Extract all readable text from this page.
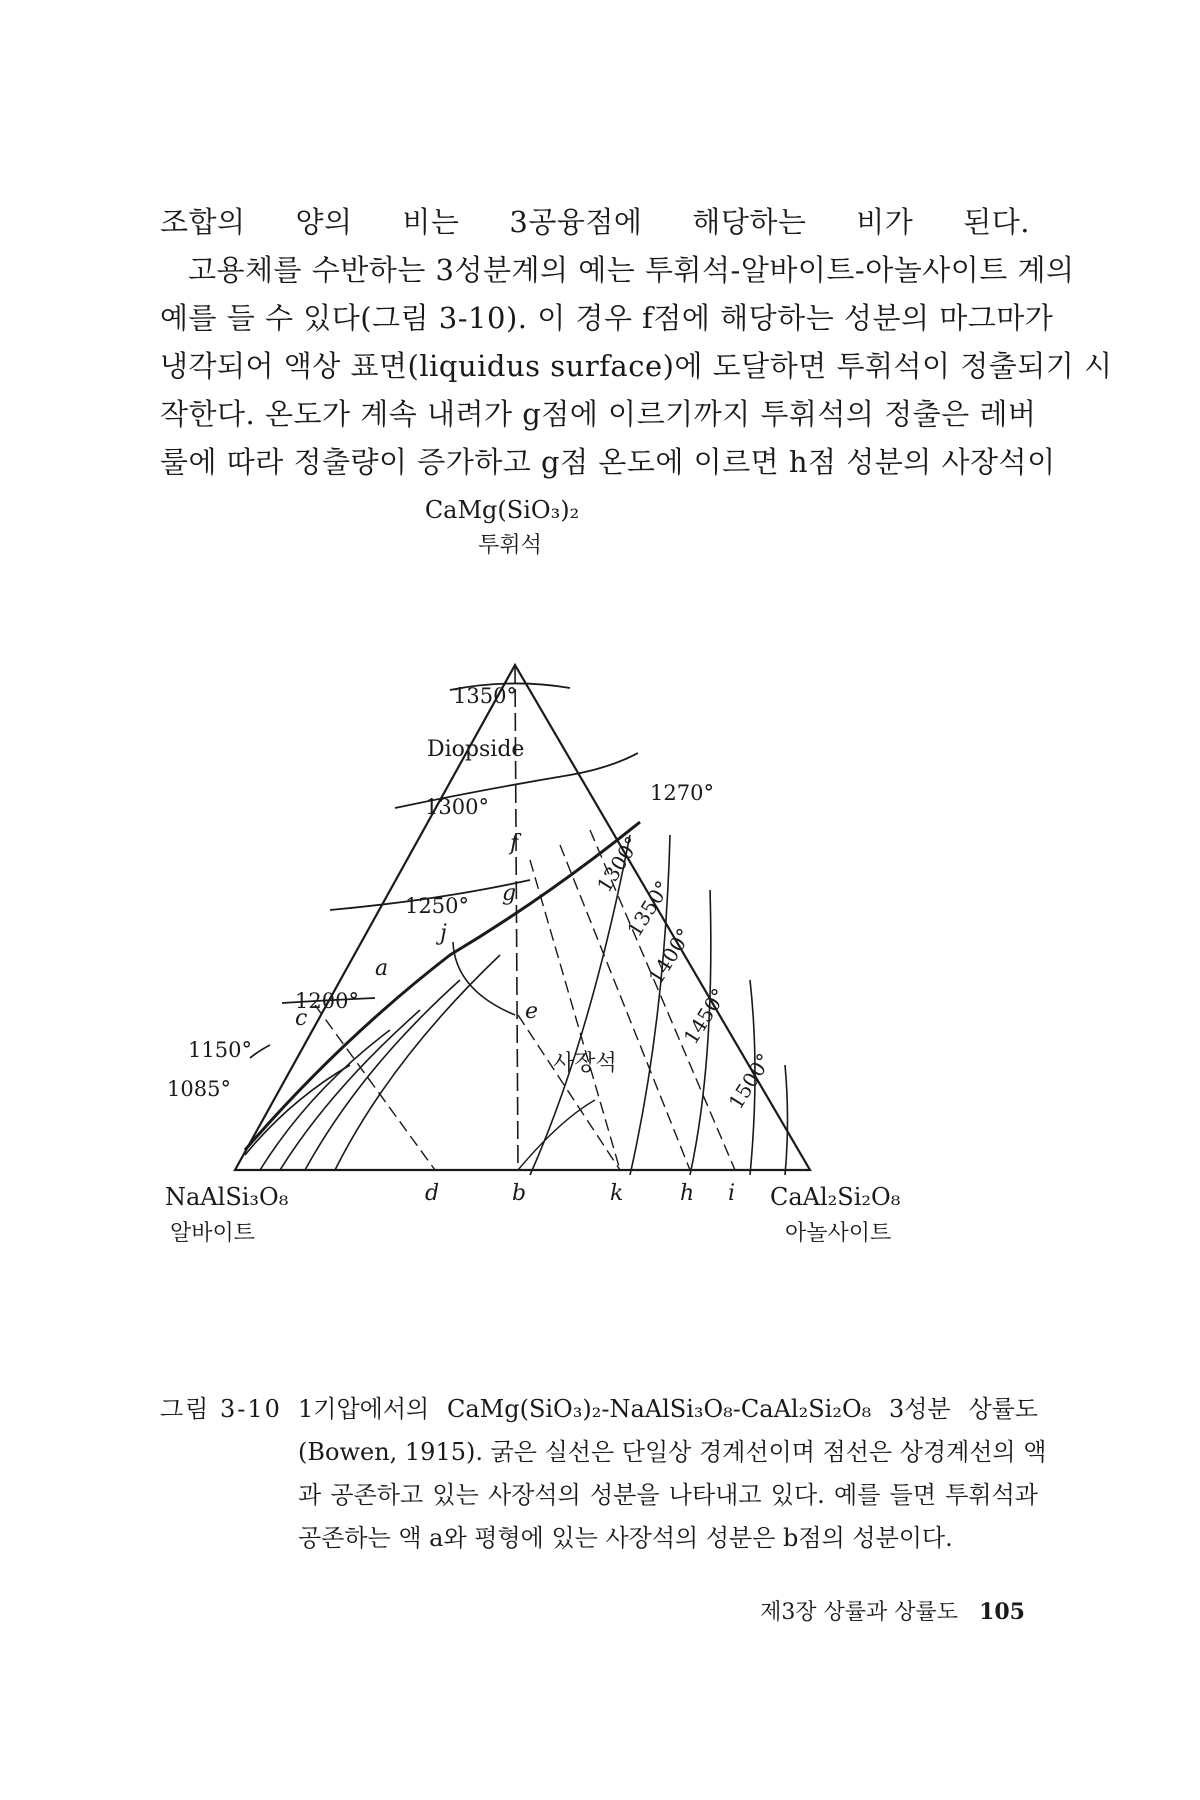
조합의 양의 비는 3공융점에 해당하는 비가 된다.
고용체를 수반하는 3성분계의 예는 투휘석-알바이트-아놀사이트 계의
예를 들 수 있다(그림 3-10). 이 경우 f점에 해당하는 성분의 마그마가
냉각되어 액상 표면(liquidus surface)에 도달하면 투휘석이 정출되기 시
작한다. 온도가 계속 내려가 g점에 이르기까지 투휘석의 정출은 레버
룰에 따라 정출량이 증가하고 g점 온도에 이르면 h점 성분의 사장석이
CaMg(SiO₃)₂
투휘석
Diopside
사장석
1350°
1300°
1250°
1200°
1150°
1085°
1270°
1300°
1350°
1400°
1450°
1500°
f
g
j
a
c	e
d	b	k	h i
NaAlSi₃O₈
알바이트
CaAl₂Si₂O₈
아놀사이트
그림 3-10 1기압에서의 CaMg(SiO₃)₂-NaAlSi₃O₈-CaAl₂Si₂O₈ 3성분 상률도
(Bowen, 1915). 굵은 실선은 단일상 경계선이며 점선은 상경계선의 액
과 공존하고 있는 사장석의 성분을 나타내고 있다. 예를 들면 투휘석과
공존하는 액 a와 평형에 있는 사장석의 성분은 b점의 성분이다.
제3장 상률과 상률도 105
